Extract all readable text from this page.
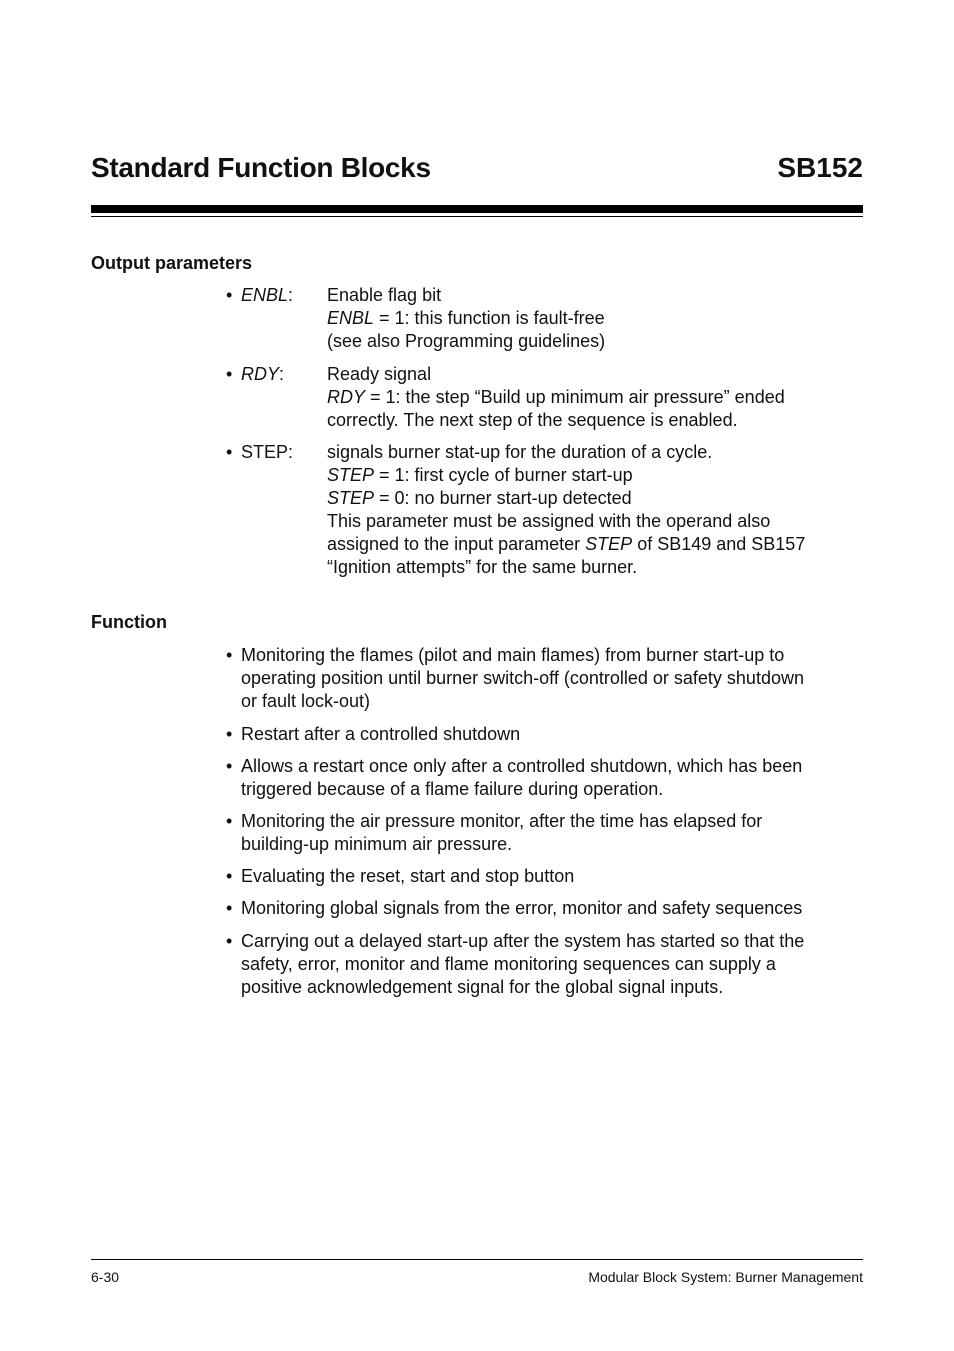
Standard Function Blocks	SB152
Output parameters
• ENBL: Enable flag bit
ENBL = 1: this function is fault-free
(see also Programming guidelines)
• RDY: Ready signal
RDY = 1: the step “Build up minimum air pressure” ended
correctly. The next step of the sequence is enabled.
• STEP: signals burner stat-up for the duration of a cycle.
STEP = 1: first cycle of burner start-up
STEP = 0: no burner start-up detected
This parameter must be assigned with the operand also
assigned to the input parameter STEP of SB149 and SB157
“Ignition attempts” for the same burner.
Function
• Monitoring the flames (pilot and main flames) from burner start-up to
operating position until burner switch-off (controlled or safety shutdown
or fault lock-out)
• Restart after a controlled shutdown
• Allows a restart once only after a controlled shutdown, which has been
triggered because of a flame failure during operation.
• Monitoring the air pressure monitor, after the time has elapsed for
building-up minimum air pressure.
• Evaluating the reset, start and stop button
• Monitoring global signals from the error, monitor and safety sequences
• Carrying out a delayed start-up after the system has started so that the
safety, error, monitor and flame monitoring sequences can supply a
positive acknowledgement signal for the global signal inputs.
6-30	Modular Block System: Burner Management
